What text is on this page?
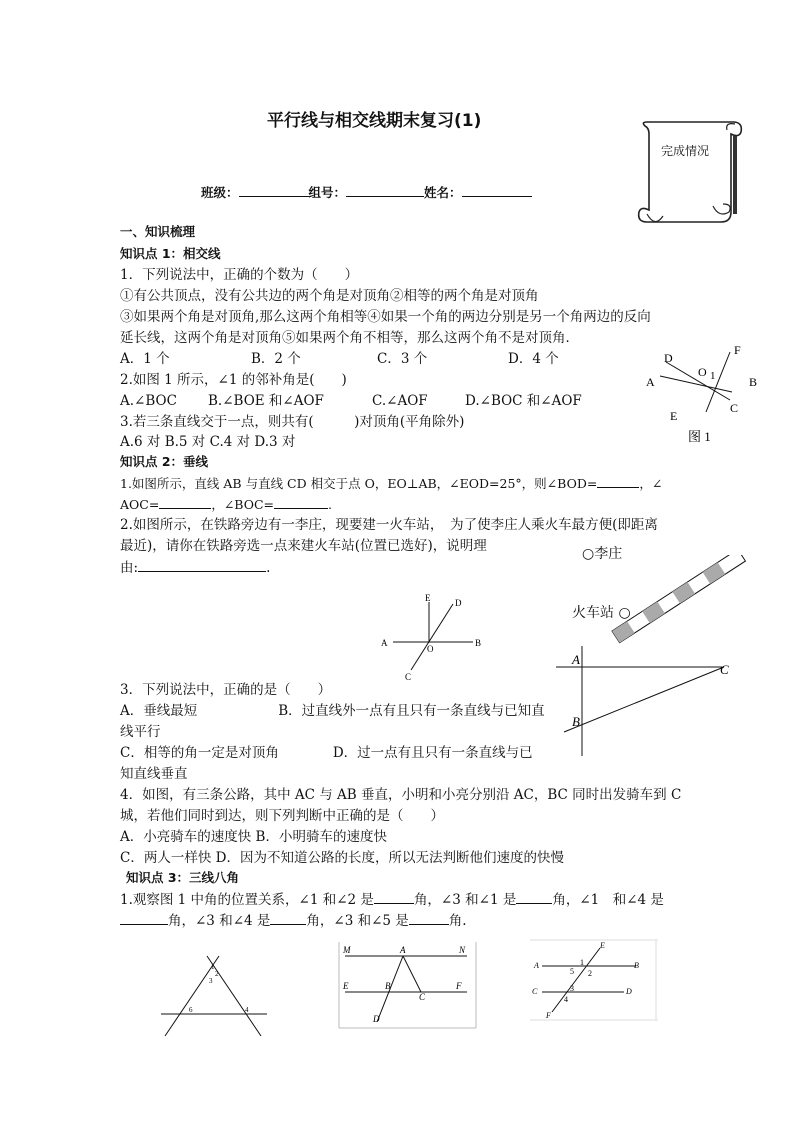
平行线与相交线期末复习(1)
完成情况
班级：	组号：	姓名：
一、知识梳理
知识点 1：相交线
1．下列说法中，正确的个数为（　　）
①有公共顶点，没有公共边的两个角是对顶角②相等的两个角是对顶角
③如果两个角是对顶角,那么这两个角相等④如果一个角的两边分别是另一个角两边的反向
延长线，这两个角是对顶角⑤如果两个角不相等，那么这两个角不是对顶角．
A．1 个	B．2 个	C．3 个	D．4 个
2.如图 1 所示，∠1 的邻补角是(　　)
A.∠BOC B.∠BOE 和∠AOF	C.∠AOF	D.∠BOC 和∠AOF
3.若三条直线交于一点，则共有(　　　)对顶角(平角除外)
A.6 对 B.5 对 C.4 对 D.3 对
D
F
A
O 1	B
E
C
图 1
知识点 2：垂线
1.如图所示，直线 AB 与直线 CD 相交于点 O，EO⊥AB，∠EOD=25°，则∠BOD=	，∠
AOC=	，∠BOC=	.
2.如图所示，在铁路旁边有一李庄，现要建一火车站，　为了使李庄人乘火车最方便(即距离
最近)，请你在铁路旁选一点来建火车站(位置已选好)，说明理
由:	.
○李庄
火车站 ○
E	D
A
O
B
C
A
C
B
3．下列说法中，正确的是（　　）
A．垂线最短　　　　　　B．过直线外一点有且只有一条直线与已知直
线平行
C．相等的角一定是对顶角　　　　D．过一点有且只有一条直线与已
知直线垂直
4．如图，有三条公路，其中 AC 与 AB 垂直，小明和小亮分别沿 AC，BC 同时出发骑车到 C
城，若他们同时到达，则下列判断中正确的是（　　）
A．小亮骑车的速度快 B．小明骑车的速度快
C．两人一样快 D．因为不知道公路的长度，所以无法判断他们速度的快慢
知识点 3：三线八角
1.观察图 1 中角的位置关系，∠1 和∠2 是	角，∠3 和∠1 是	角，∠1　和∠4 是
角，∠3 和∠4 是	角，∠3 和∠5 是	角.
1
2
3
6	4
M	A	N
E	B
C
F
D
E
A
5
1
2
B
C	3
4
D
F
